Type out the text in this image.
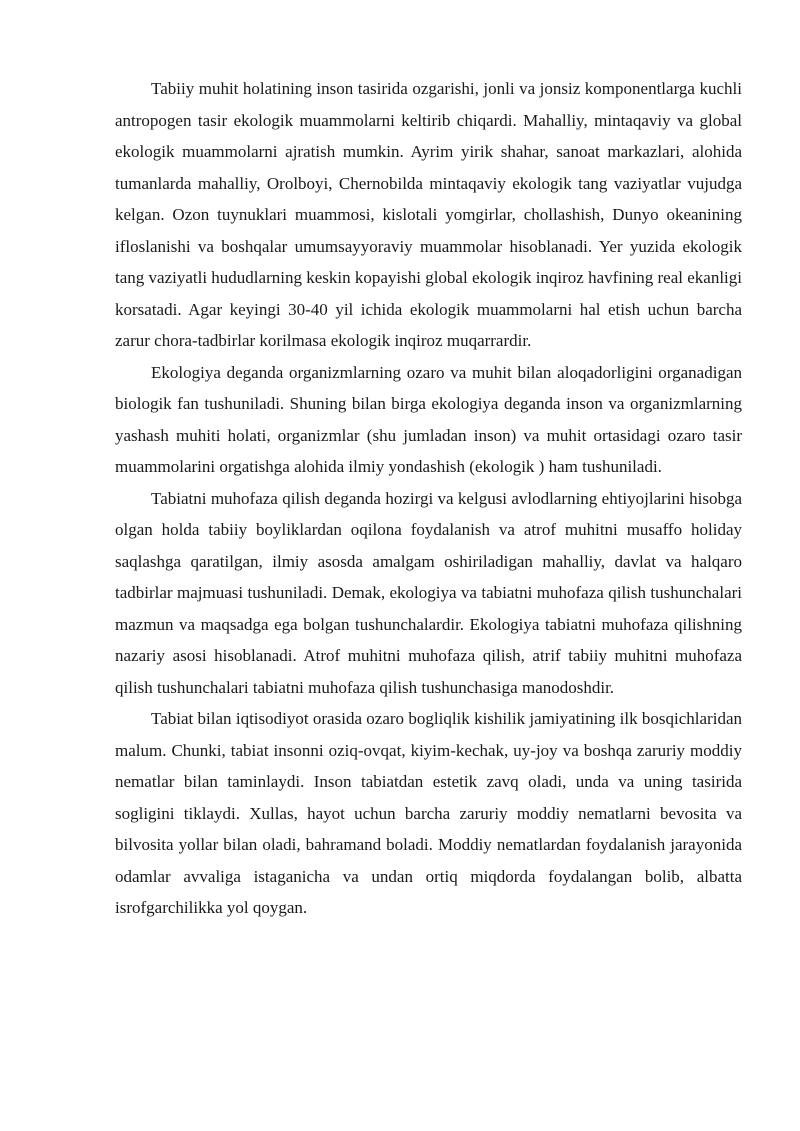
Tabiiy muhit holatining inson tasirida ozgarishi, jonli va jonsiz komponentlarga kuchli antropogen tasir ekologik muammolarni keltirib chiqardi. Mahalliy, mintaqaviy va global ekologik muammolarni ajratish mumkin. Ayrim yirik shahar, sanoat markazlari, alohida tumanlarda mahalliy, Orolboyi, Chernobilda mintaqaviy ekologik tang vaziyatlar vujudga kelgan. Ozon tuynuklari muammosi, kislotali yomgirlar, chollashish, Dunyo okeanining ifloslanishi va boshqalar umumsayyoraviy muammolar hisoblanadi. Yer yuzida ekologik tang vaziyatli hududlarning keskin kopayishi global ekologik inqiroz havfining real ekanligi korsatadi. Agar keyingi 30-40 yil ichida ekologik muammolarni hal etish uchun barcha zarur chora-tadbirlar korilmasa ekologik inqiroz muqarrardir.

Ekologiya deganda organizmlarning ozaro va muhit bilan aloqadorligini organadigan biologik fan tushuniladi. Shuning bilan birga ekologiya deganda inson va organizmlarning yashash muhiti holati, organizmlar (shu jumladan inson) va muhit ortasidagi ozaro tasir muammolarini orgatishga alohida ilmiy yondashish (ekologik ) ham tushuniladi.

Tabiatni muhofaza qilish deganda hozirgi va kelgusi avlodlarning ehtiyojlarini hisobga olgan holda tabiiy boyliklardan oqilona foydalanish va atrof muhitni musaffo holiday saqlashga qaratilgan, ilmiy asosda amalgam oshiriladigan mahalliy, davlat va halqaro tadbirlar majmuasi tushuniladi. Demak, ekologiya va tabiatni muhofaza qilish tushunchalari mazmun va maqsadga ega bolgan tushunchalardir. Ekologiya tabiatni muhofaza qilishning nazariy asosi hisoblanadi. Atrof muhitni muhofaza qilish, atrif tabiiy muhitni muhofaza qilish tushunchalari tabiatni muhofaza qilish tushunchasiga manodoshdir.

Tabiat bilan iqtisodiyot orasida ozaro bogliqlik kishilik jamiyatining ilk bosqichlaridan malum. Chunki, tabiat insonni oziq-ovqat, kiyim-kechak, uy-joy va boshqa zaruriy moddiy nematlar bilan taminlaydi. Inson tabiatdan estetik zavq oladi, unda va uning tasirida sogligini tiklaydi. Xullas, hayot uchun barcha zaruriy moddiy nematlarni bevosita va bilvosita yollar bilan oladi, bahramand boladi. Moddiy nematlardan foydalanish jarayonida odamlar avvaliga istaganicha va undan ortiq miqdorda foydalangan bolib, albatta isrofgarchilikka yol qoygan.
